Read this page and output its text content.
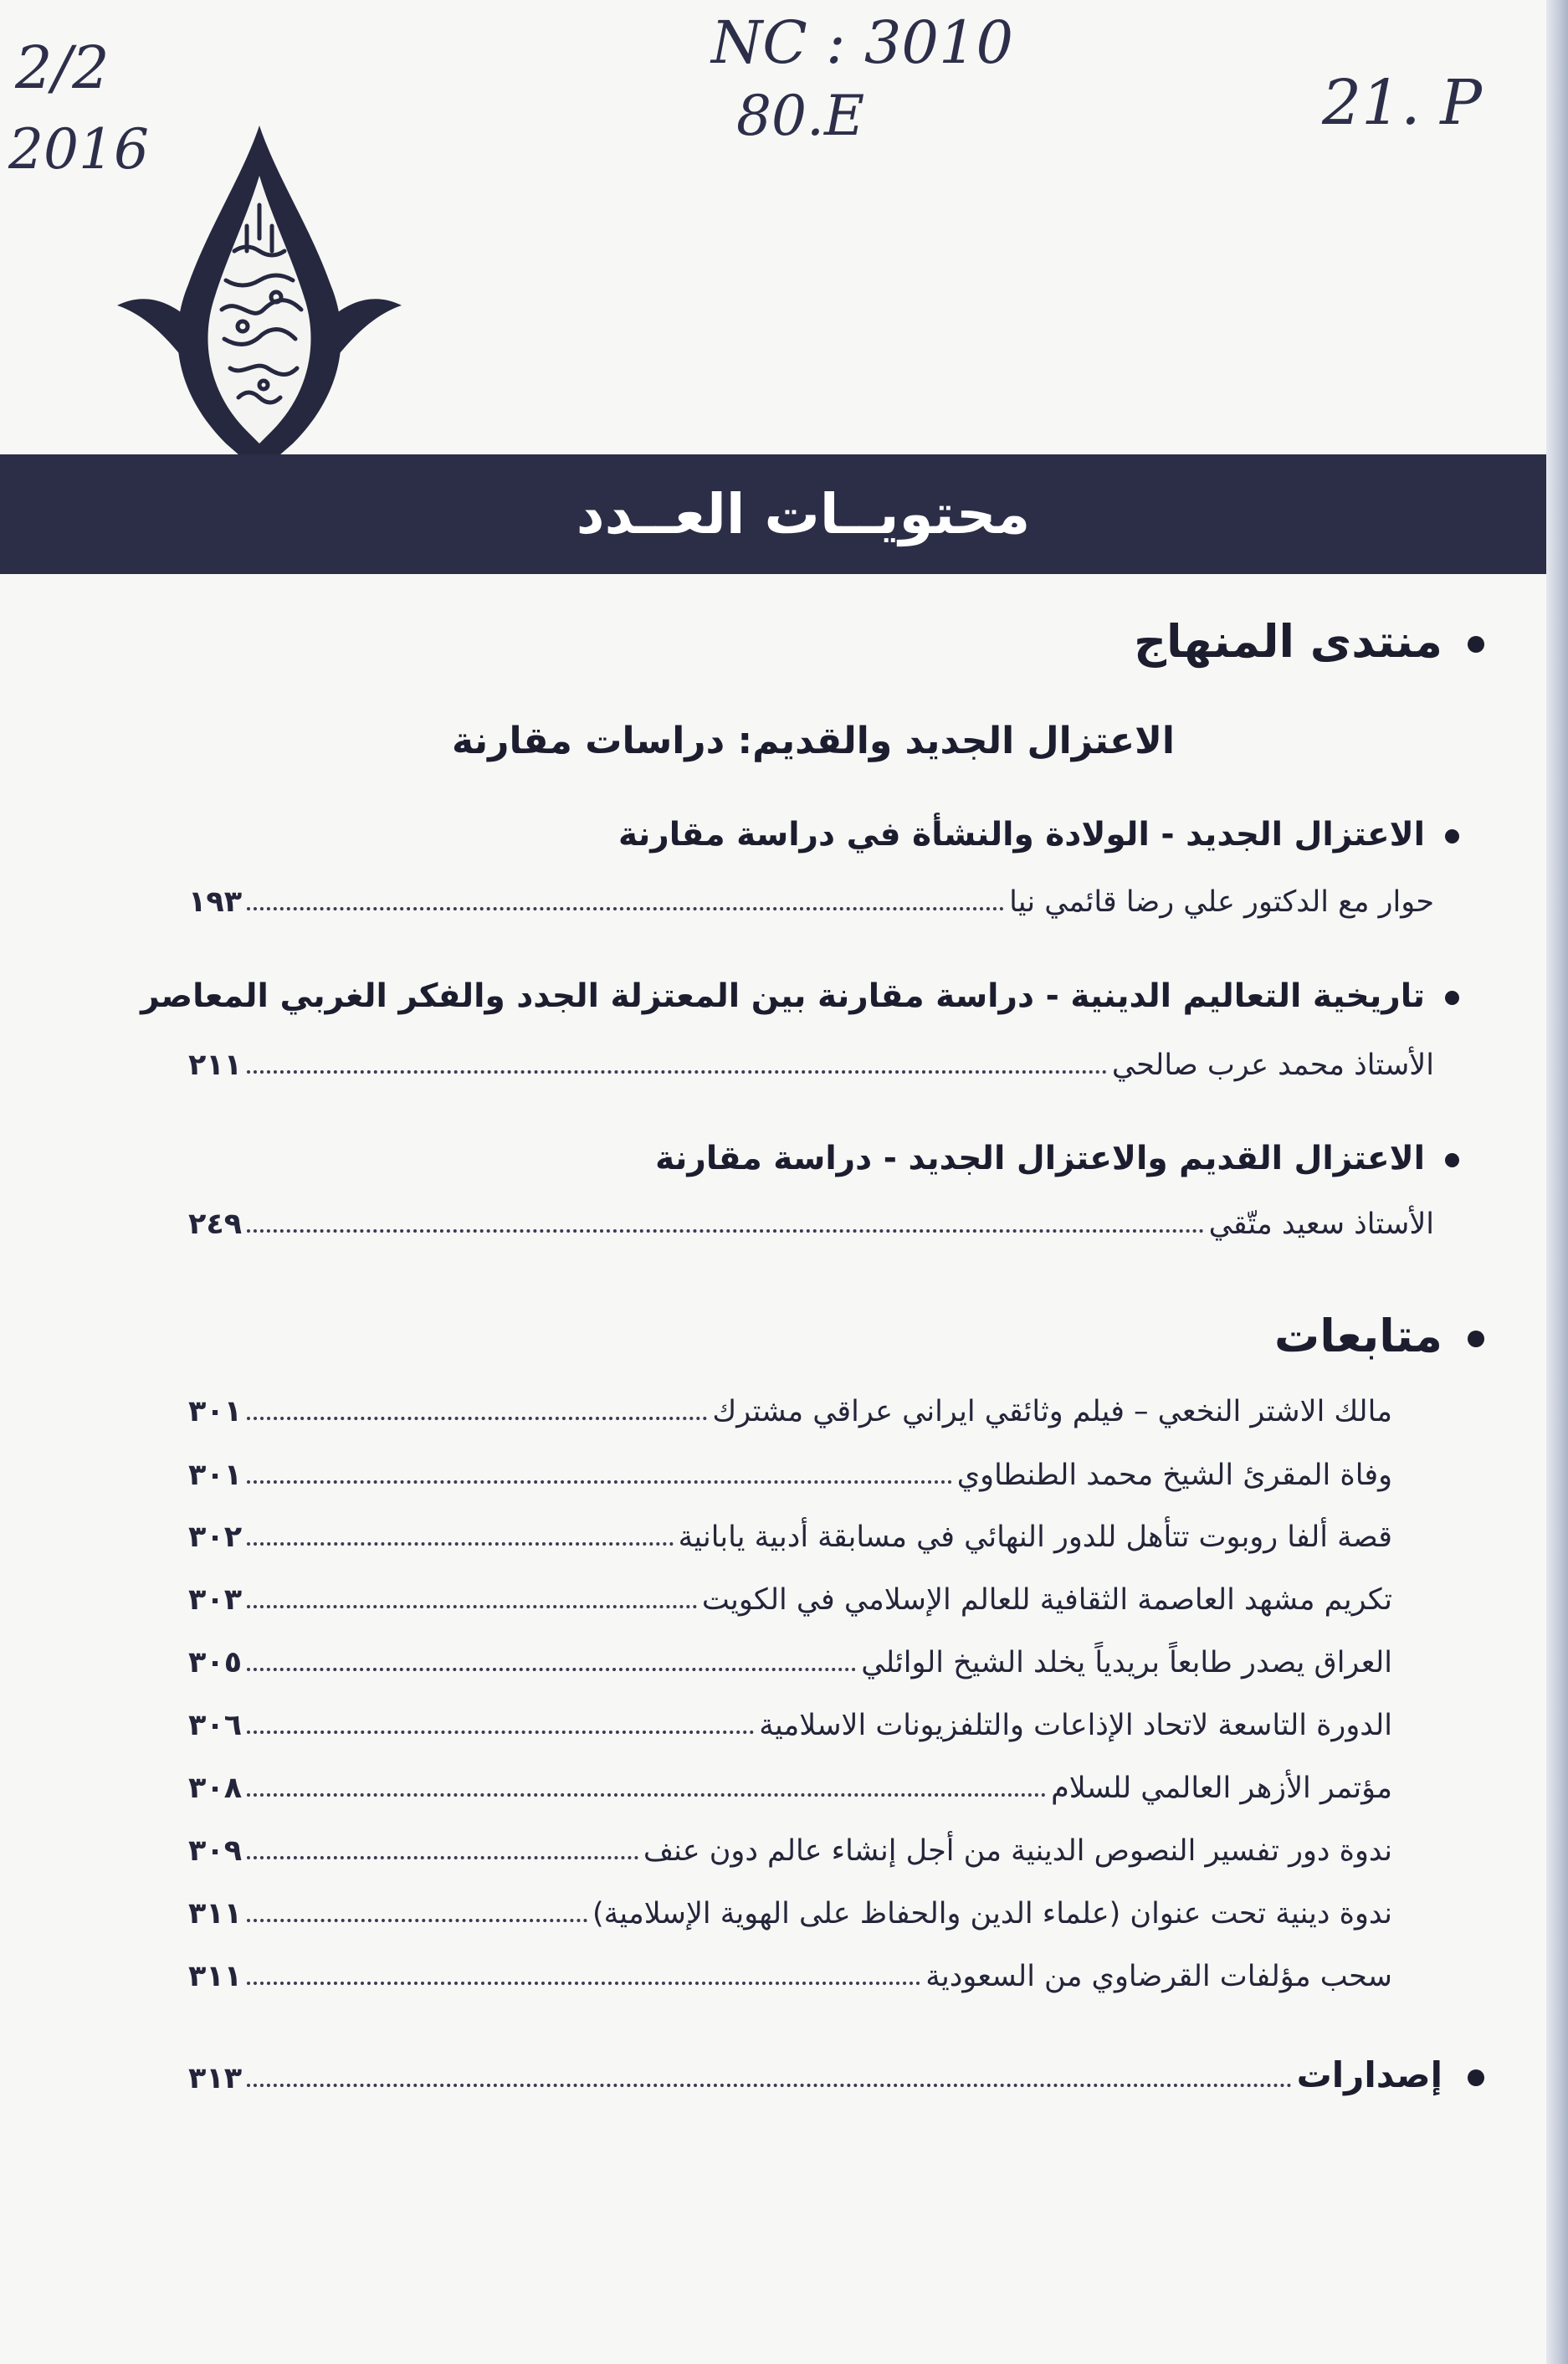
2/2
2016
NC : 3010
80.E	21. P
محتويــات العــدد
منتدى المنهاج
الاعتزال الجديد والقديم: دراسات مقارنة
الاعتزال الجديد - الولادة والنشأة في دراسة مقارنة
حوار مع الدكتور علي رضا قائمي نيا
١٩٣
تاريخية التعاليم الدينية - دراسة مقارنة بين المعتزلة الجدد والفكر الغربي المعاصر
الأستاذ محمد عرب صالحي
٢١١
الاعتزال القديم والاعتزال الجديد - دراسة مقارنة
الأستاذ سعيد متّقي
٢٤٩
متابعات
مالك الاشتر النخعي – فيلم وثائقي ايراني عراقي مشترك
٣٠١
وفاة المقرئ الشيخ محمد الطنطاوي
٣٠١
قصة ألفا روبوت تتأهل للدور النهائي في مسابقة أدبية يابانية
٣٠٢
تكريم مشهد العاصمة الثقافية للعالم الإسلامي في الكويت
٣٠٣
العراق يصدر طابعاً بريدياً يخلد الشيخ الوائلي
٣٠٥
الدورة التاسعة لاتحاد الإذاعات والتلفزيونات الاسلامية
٣٠٦
مؤتمر الأزهر العالمي للسلام
٣٠٨
ندوة دور تفسير النصوص الدينية من أجل إنشاء عالم دون عنف
٣٠٩
ندوة دينية تحت عنوان (علماء الدين والحفاظ على الهوية الإسلامية)
٣١١
سحب مؤلفات القرضاوي من السعودية
٣١١
إصدارات
٣١٣
